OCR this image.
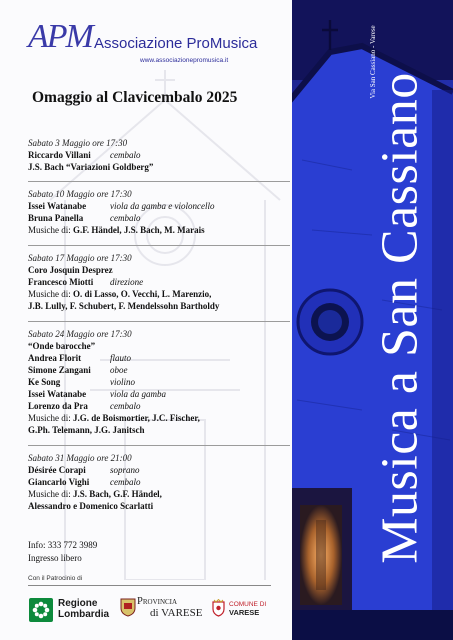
APM Associazione ProMusica
www.associazionepromusica.it
Omaggio al Clavicembalo 2025
Sabato 3 Maggio ore 17:30
Riccardo Villani cembalo
J.S. Bach “Variazioni Goldberg”
Sabato 10 Maggio ore 17:30
Issei Watanabe	viola da gamba e violoncello
Bruna Panella	cembalo
Musiche di: G.F. Händel, J.S. Bach, M. Marais
Sabato 17 Maggio ore 17:30
Coro Josquin Desprez
Francesco Miotti direzione
Musiche di: O. di Lasso, O. Vecchi, L. Marenzio,
J.B. Lully, F. Schubert, F. Mendelssohn Bartholdy
Sabato 24 Maggio ore 17:30
“Onde barocche”
Andrea Florit	flauto
Simone Zangani oboe
Ke Song	violino
Issei Watanabe	viola da gamba
Lorenzo da Pra cembalo
Musiche di: J.G. de Boismortier, J.C. Fischer,
G.Ph. Telemann, J.G. Janitsch
Sabato 31 Maggio ore 21:00
Désirée Corapi	soprano
Giancarlo Vighi cembalo
Musiche di: J.S. Bach, G.F. Händel,
Alessandro e Domenico Scarlatti
Info: 333 772 3989
Ingresso libero
Con il Patrocinio di
Regione
Lombardia
Provincia
di VARESE
COMUNE DI
VARESE
Musica a San Cassiano
Via San Cassiano - Varese
